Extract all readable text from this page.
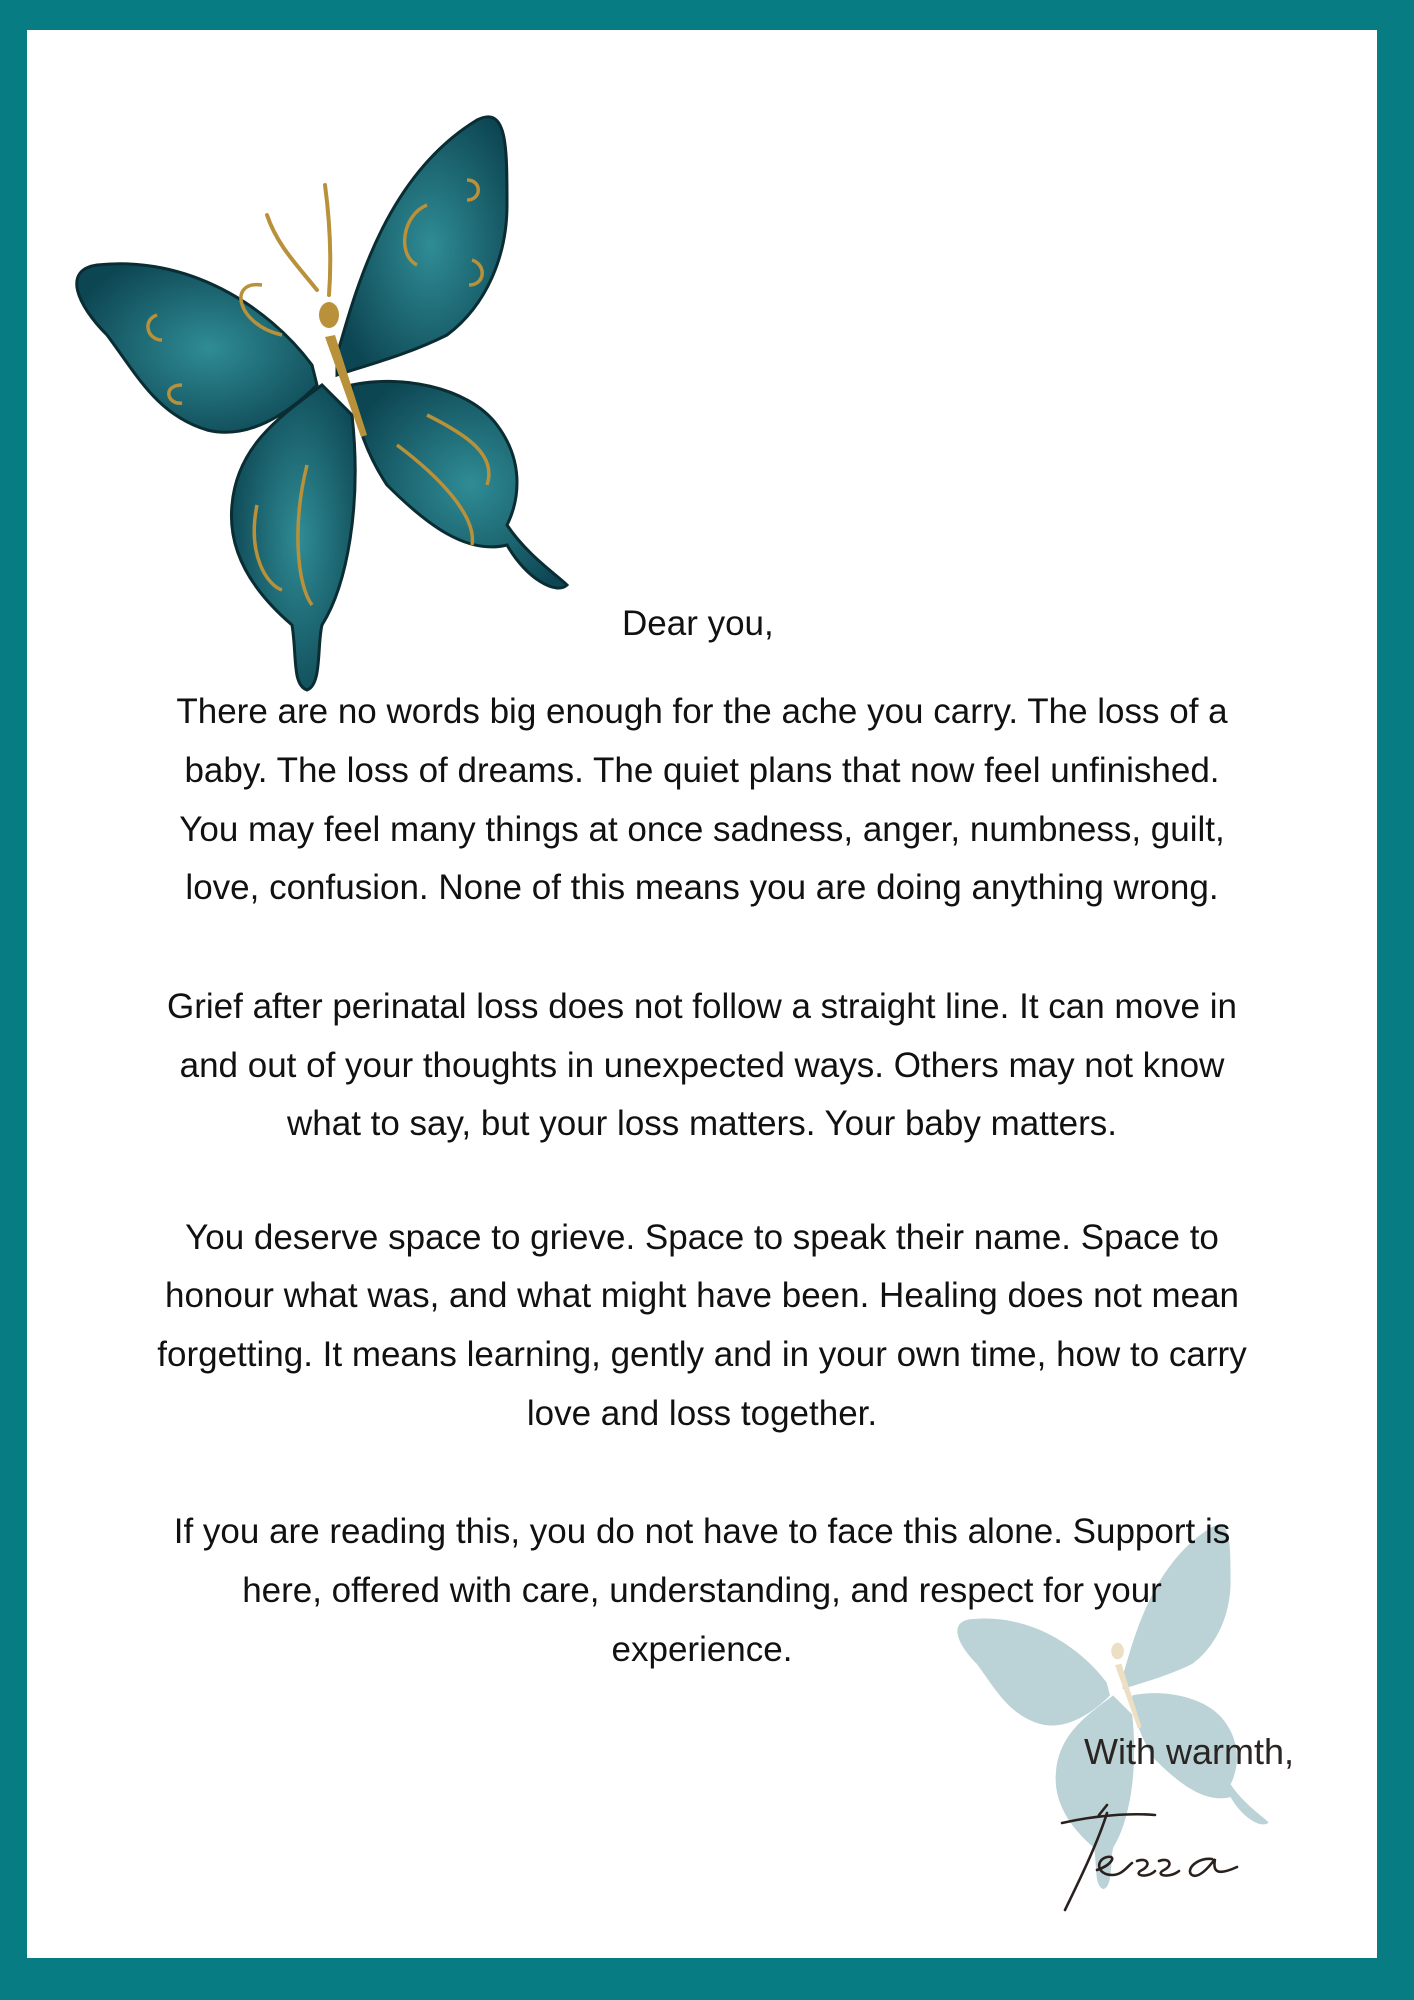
Dear you,
There are no words big enough for the ache you carry. The loss of a
baby. The loss of dreams. The quiet plans that now feel unfinished.
You may feel many things at once sadness, anger, numbness, guilt,
love, confusion. None of this means you are doing anything wrong.
Grief after perinatal loss does not follow a straight line. It can move in
and out of your thoughts in unexpected ways. Others may not know
what to say, but your loss matters. Your baby matters.
You deserve space to grieve. Space to speak their name. Space to
honour what was, and what might have been. Healing does not mean
forgetting. It means learning, gently and in your own time, how to carry
love and loss together.
If you are reading this, you do not have to face this alone. Support is
here, offered with care, understanding, and respect for your
experience.
With warmth,
